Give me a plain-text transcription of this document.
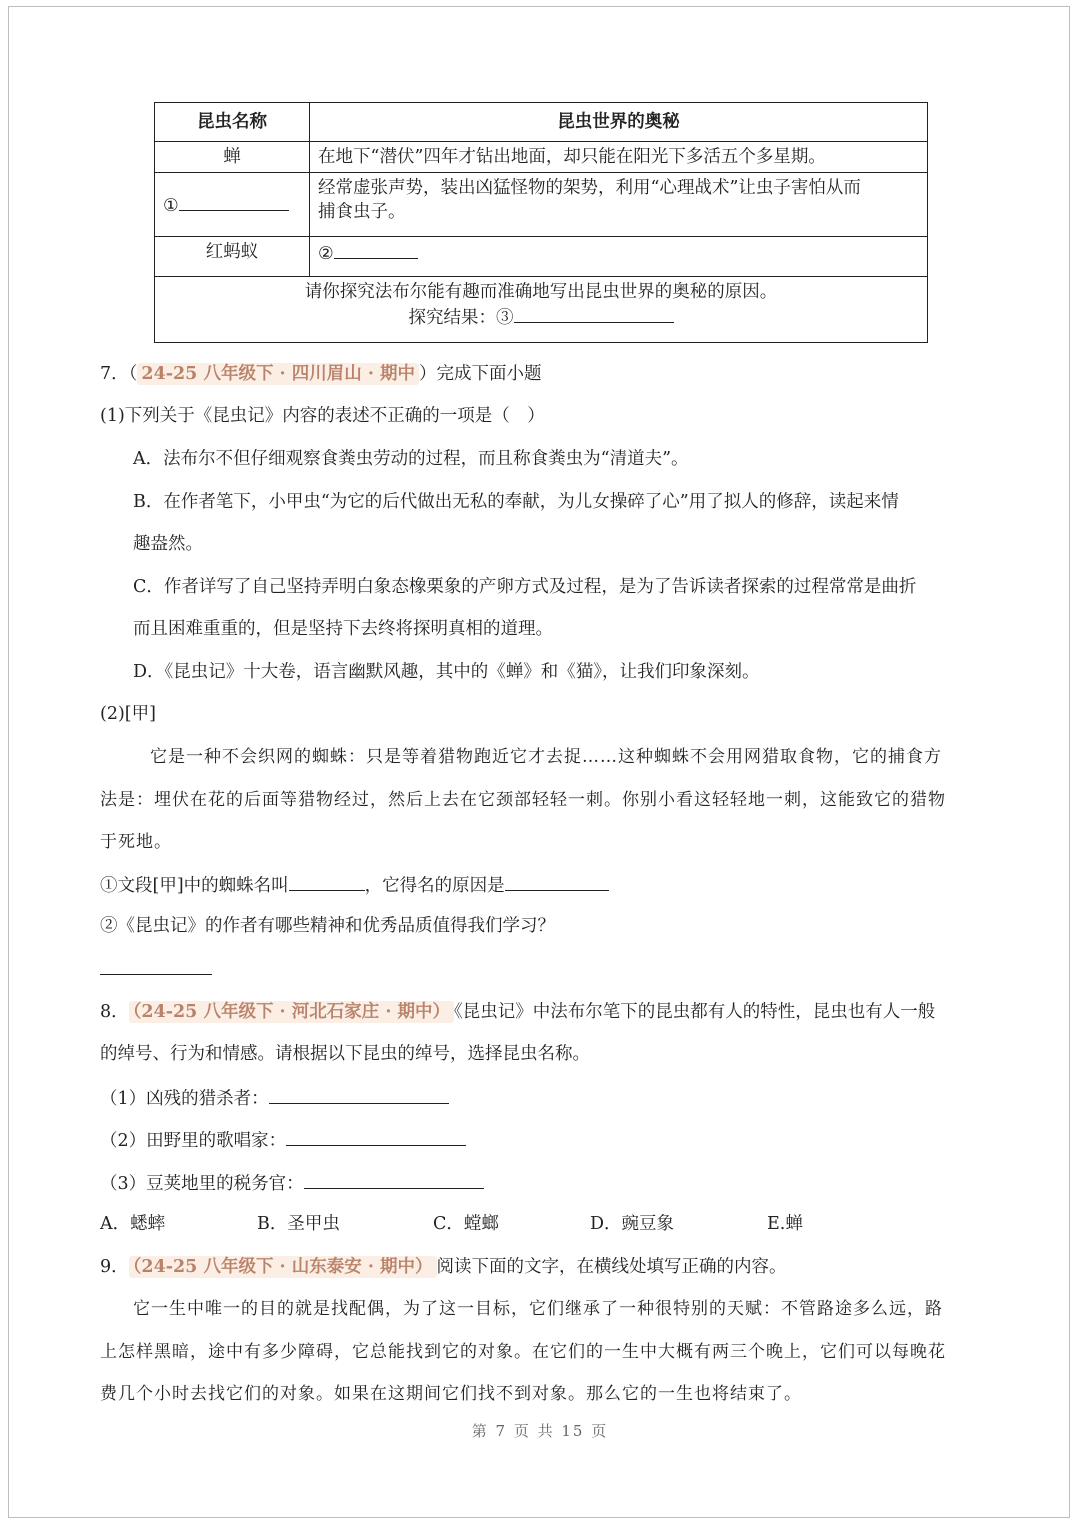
昆虫名称	昆虫世界的奥秘
蝉	在地下“潜伏”四年才钻出地面，却只能在阳光下多活五个多星期。
①	经常虚张声势，装出凶猛怪物的架势，利用“心理战术”让虫子害怕从而
捕食虫子。

红蚂蚁	②

请你探究法布尔能有趣而准确地写出昆虫世界的奥秘的原因。
探究结果：③	
7．（ 24-25 八年级下 · 四川眉山 · 期中 ）完成下面小题
(1)下列关于《昆虫记》内容的表述不正确的一项是（　）
A．法布尔不但仔细观察食粪虫劳动的过程，而且称食粪虫为“清道夫”。
B．在作者笔下，小甲虫“为它的后代做出无私的奉献，为儿女操碎了心”用了拟人的修辞，读起来情
趣盎然。
C．作者详写了自己坚持弄明白象态橡栗象的产卵方式及过程，是为了告诉读者探索的过程常常是曲折
而且困难重重的，但是坚持下去终将探明真相的道理。
D．《昆虫记》十大卷，语言幽默风趣，其中的《蝉》和《猫》，让我们印象深刻。
(2)[甲]
它是一种不会织网的蜘蛛：只是等着猎物跑近它才去捉……这种蜘蛛不会用网猎取食物，它的捕食方
法是：埋伏在花的后面等猎物经过，然后上去在它颈部轻轻一刺。你别小看这轻轻地一刺，这能致它的猎物
于死地。
①文段[甲]中的蜘蛛名叫	，它得名的原因是
②《昆虫记》的作者有哪些精神和优秀品质值得我们学习？
8． （24-25 八年级下 · 河北石家庄 · 期中） 《昆虫记》中法布尔笔下的昆虫都有人的特性，昆虫也有人一般
的绰号、行为和情感。请根据以下昆虫的绰号，选择昆虫名称。
（1）凶残的猎杀者：
（2）田野里的歌唱家：
（3）豆荚地里的税务官：
A．蟋蟀	B．圣甲虫	C．螳螂	D．豌豆象	E.蝉
9． （24-25 八年级下 · 山东泰安 · 期中） 阅读下面的文字，在横线处填写正确的内容。
它一生中唯一的目的就是找配偶，为了这一目标，它们继承了一种很特别的天赋：不管路途多么远，路
上怎样黑暗，途中有多少障碍，它总能找到它的对象。在它们的一生中大概有两三个晚上，它们可以每晚花
费几个小时去找它们的对象。如果在这期间它们找不到对象。那么它的一生也将结束了。
第 7 页 共 15 页
